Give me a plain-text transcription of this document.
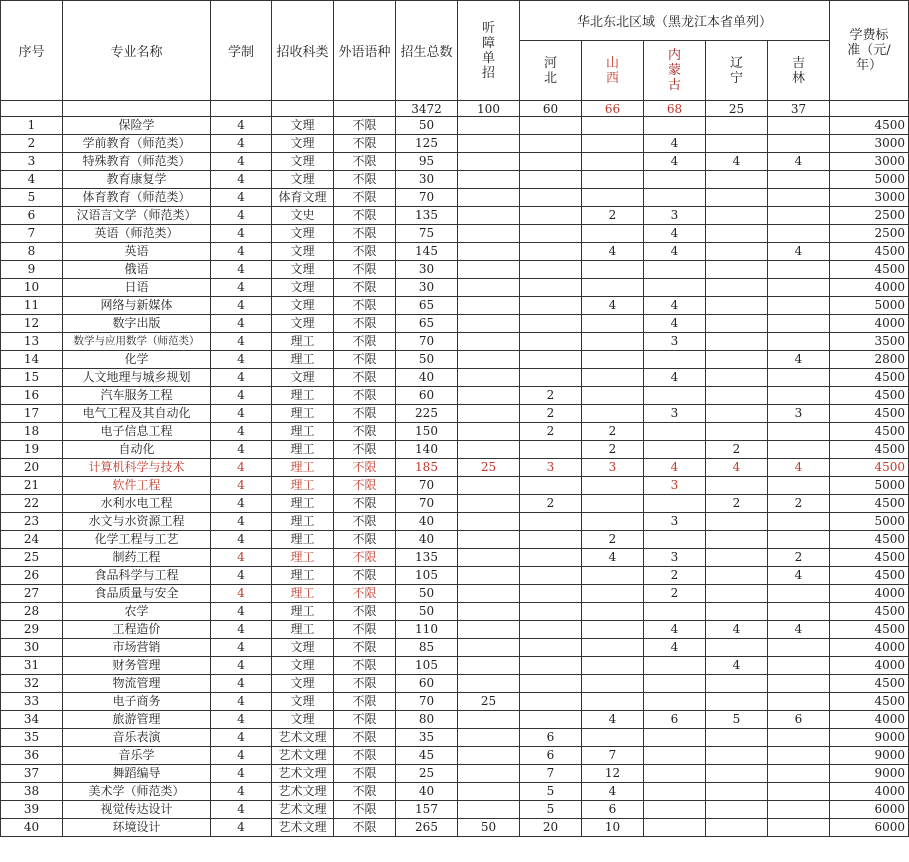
序号	专业名称	学制	招收科类	外语语种	招生总数	听障单招	华北东北区域（黑龙江本省单列）					学费标准（元/年）
							河北	山西	内蒙古	辽宁	吉林	
					3472	100	60	66	68	25	37	
1	保险学	4	文理	不限	50							4500
2	学前教育（师范类）	4	文理	不限	125				4			3000
3	特殊教育（师范类）	4	文理	不限	95				4	4	4	3000
4	教育康复学	4	文理	不限	30							5000
5	体育教育（师范类）	4	体育文理	不限	70							3000
6	汉语言文学（师范类）	4	文史	不限	135			2	3			2500
7	英语（师范类）	4	文理	不限	75				4			2500
8	英语	4	文理	不限	145			4	4		4	4500
9	俄语	4	文理	不限	30							4500
10	日语	4	文理	不限	30							4000
11	网络与新媒体	4	文理	不限	65			4	4			5000
12	数字出版	4	文理	不限	65				4			4000
13	数学与应用数学（师范类）	4	理工	不限	70				3			3500
14	化学	4	理工	不限	50						4	2800
15	人文地理与城乡规划	4	文理	不限	40				4			4500
16	汽车服务工程	4	理工	不限	60		2					4500
17	电气工程及其自动化	4	理工	不限	225		2		3		3	4500
18	电子信息工程	4	理工	不限	150		2	2				4500
19	自动化	4	理工	不限	140			2		2		4500
20	计算机科学与技术	4	理工	不限	185	25	3	3	4	4	4	4500
21	软件工程	4	理工	不限	70				3			5000
22	水利水电工程	4	理工	不限	70		2			2	2	4500
23	水文与水资源工程	4	理工	不限	40				3			5000
24	化学工程与工艺	4	理工	不限	40			2				4500
25	制药工程	4	理工	不限	135			4	3		2	4500
26	食品科学与工程	4	理工	不限	105				2		4	4500
27	食品质量与安全	4	理工	不限	50				2			4000
28	农学	4	理工	不限	50							4500
29	工程造价	4	理工	不限	110				4	4	4	4500
30	市场营销	4	文理	不限	85				4			4000
31	财务管理	4	文理	不限	105					4		4000
32	物流管理	4	文理	不限	60							4500
33	电子商务	4	文理	不限	70	25						4500
34	旅游管理	4	文理	不限	80			4	6	5	6	4000
35	音乐表演	4	艺术文理	不限	35		6					9000
36	音乐学	4	艺术文理	不限	45		6	7				9000
37	舞蹈编导	4	艺术文理	不限	25		7	12				9000
38	美术学（师范类）	4	艺术文理	不限	40		5	4				4000
39	视觉传达设计	4	艺术文理	不限	157		5	6				6000
40	环境设计	4	艺术文理	不限	265	50	20	10				6000
